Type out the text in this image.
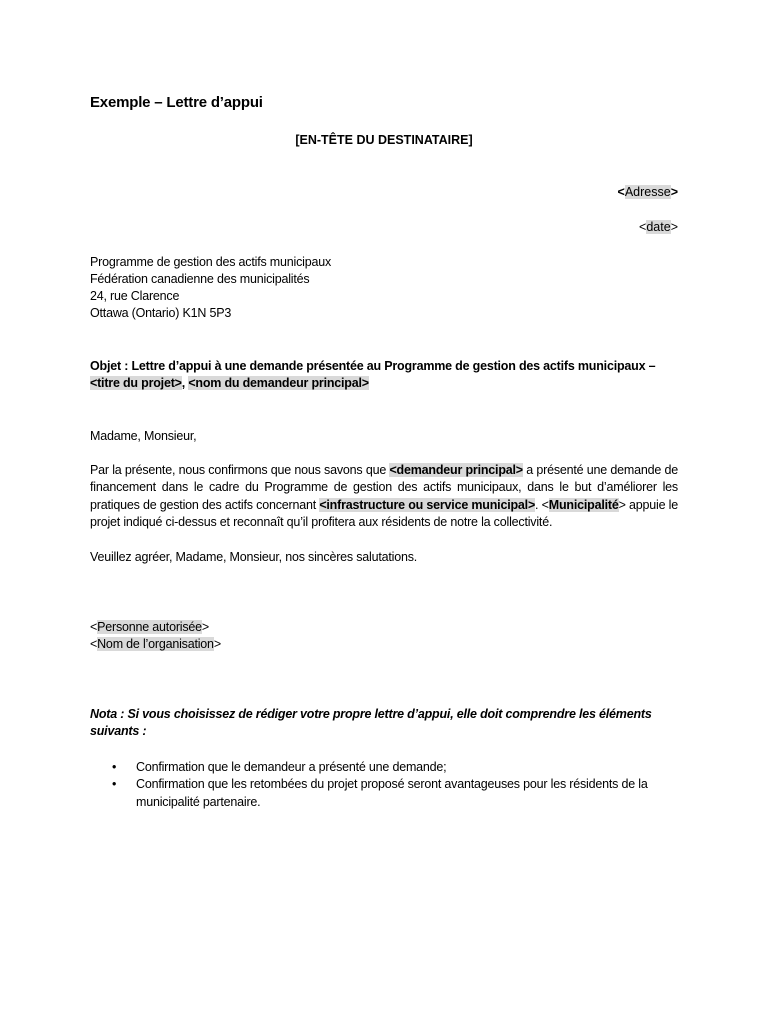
Exemple – Lettre d’appui
[EN-TÊTE DU DESTINATAIRE]
<Adresse>
<date>
Programme de gestion des actifs municipaux
Fédération canadienne des municipalités
24, rue Clarence
Ottawa (Ontario) K1N 5P3
Objet : Lettre d’appui à une demande présentée au Programme de gestion des actifs municipaux –
<titre du projet>, <nom du demandeur principal>
Madame, Monsieur,
Par la présente, nous confirmons que nous savons que <demandeur principal> a présenté une demande de financement dans le cadre du Programme de gestion des actifs municipaux, dans le but d’améliorer les pratiques de gestion des actifs concernant <infrastructure ou service municipal>. <Municipalité> appuie le projet indiqué ci-dessus et reconnaît qu’il profitera aux résidents de notre la collectivité.
Veuillez agréer, Madame, Monsieur, nos sincères salutations.
<Personne autorisée>
<Nom de l’organisation>
Nota : Si vous choisissez de rédiger votre propre lettre d’appui, elle doit comprendre les éléments suivants :
• Confirmation que le demandeur a présenté une demande;
• Confirmation que les retombées du projet proposé seront avantageuses pour les résidents de la municipalité partenaire.
